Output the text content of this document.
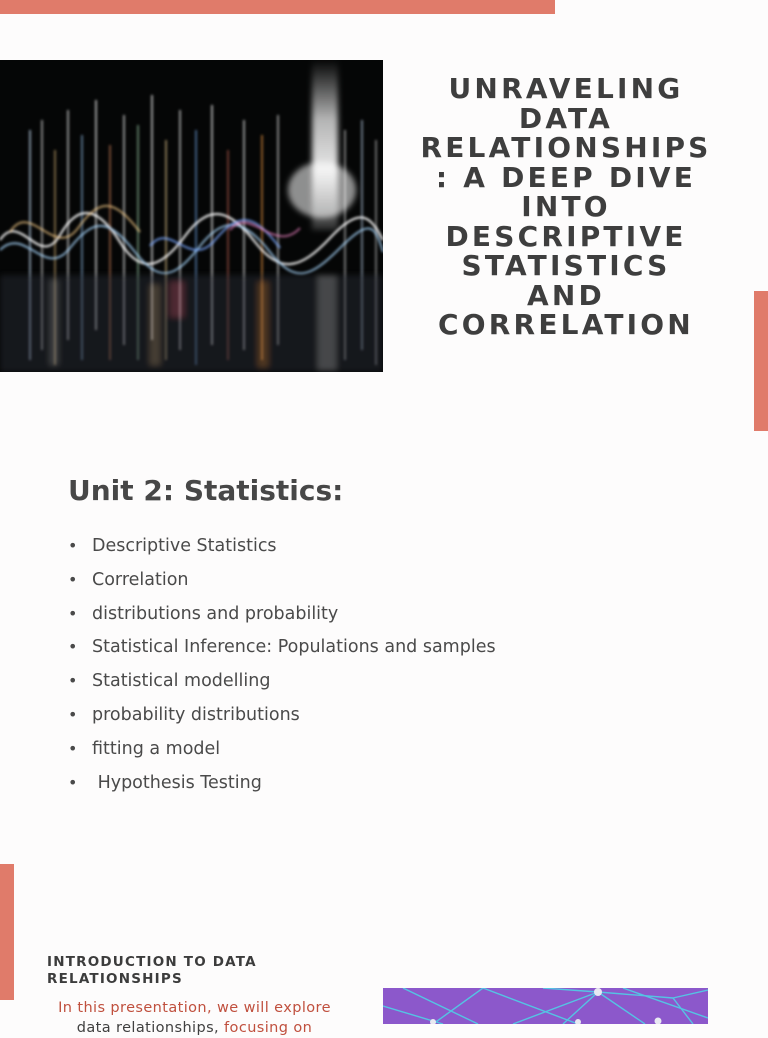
UNRAVELING
DATA
RELATIONSHIPS
: A DEEP DIVE
INTO
DESCRIPTIVE
STATISTICS AND
CORRELATION
Unit 2: Statistics:
• Descriptive Statistics
• Correlation
• distributions and probability
• Statistical Inference: Populations and samples
• Statistical modelling
• probability distributions
• fitting a model
• Hypothesis Testing
INTRODUCTION TO DATA RELATIONSHIPS
In this presentation, we will explore
data relationships, focusing on
